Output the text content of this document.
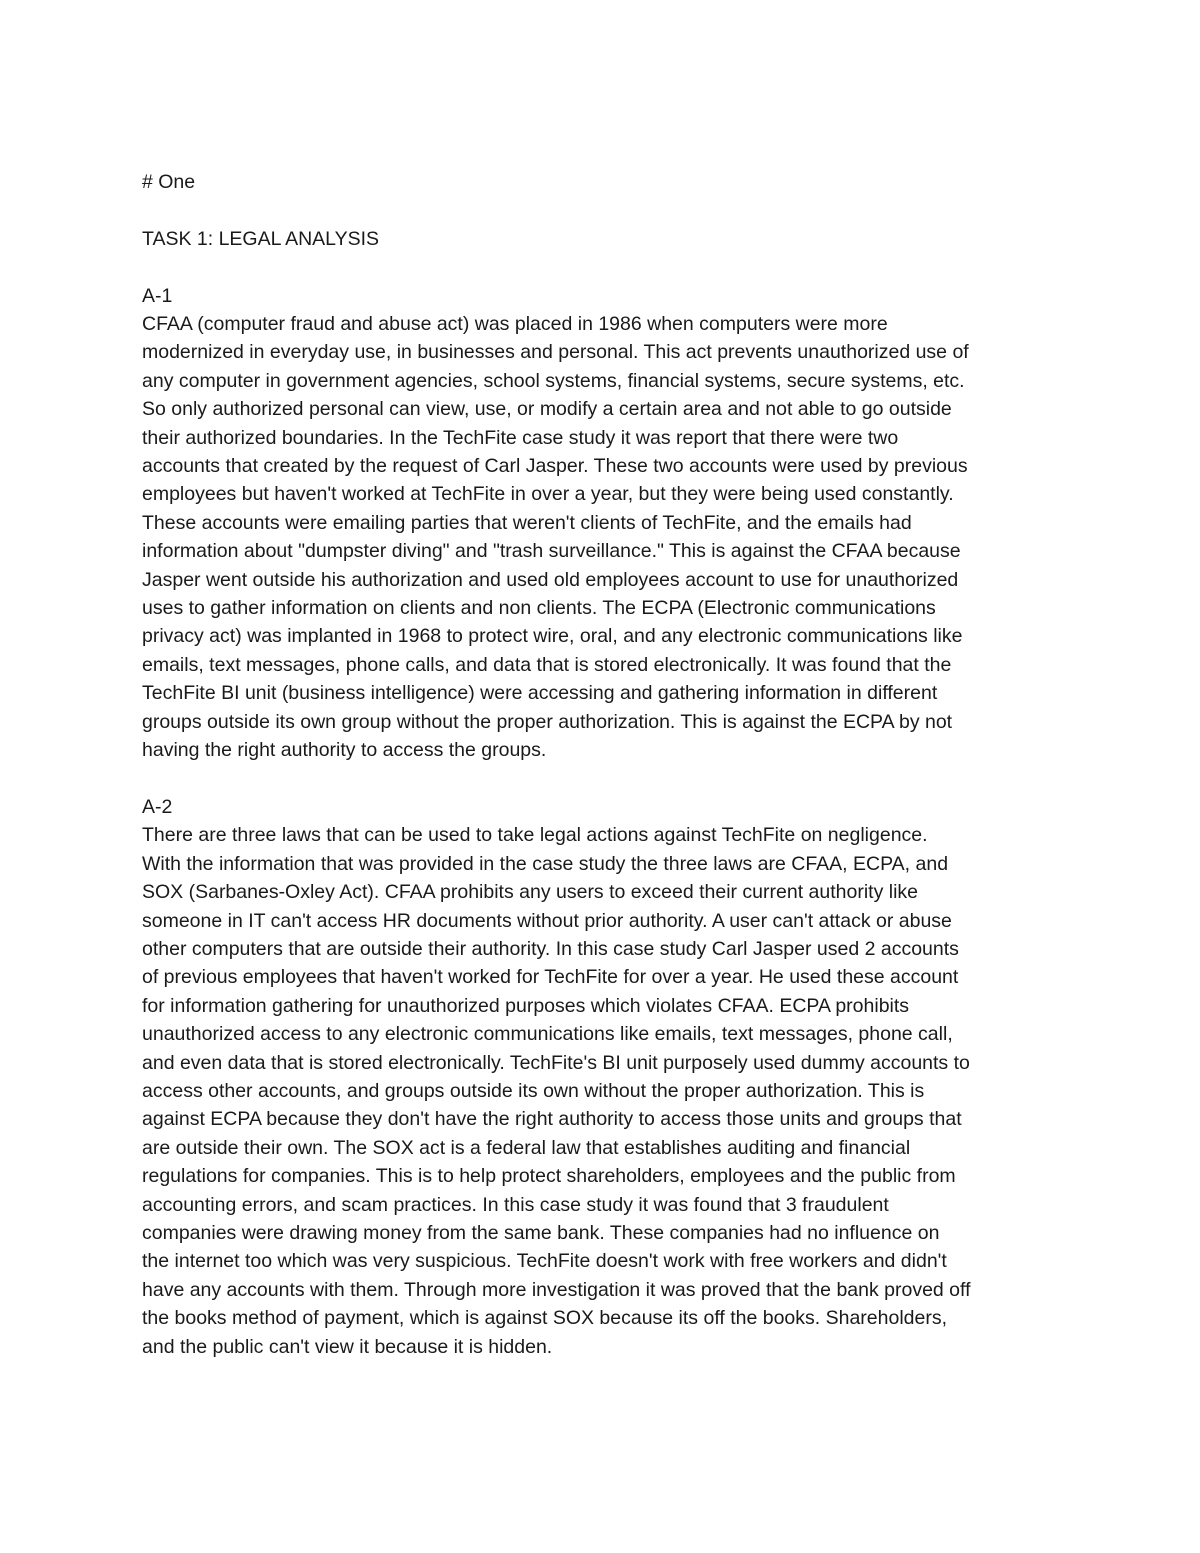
# One
TASK 1: LEGAL ANALYSIS
A-1
CFAA (computer fraud and abuse act) was placed in 1986 when computers were more
modernized in everyday use, in businesses and personal. This act prevents unauthorized use of
any computer in government agencies, school systems, financial systems, secure systems, etc.
So only authorized personal can view, use, or modify a certain area and not able to go outside
their authorized boundaries. In the TechFite case study it was report that there were two
accounts that created by the request of Carl Jasper. These two accounts were used by previous
employees but haven't worked at TechFite in over a year, but they were being used constantly.
These accounts were emailing parties that weren't clients of TechFite, and the emails had
information about "dumpster diving" and "trash surveillance." This is against the CFAA because
Jasper went outside his authorization and used old employees account to use for unauthorized
uses to gather information on clients and non clients. The ECPA (Electronic communications
privacy act) was implanted in 1968 to protect wire, oral, and any electronic communications like
emails, text messages, phone calls, and data that is stored electronically. It was found that the
TechFite BI unit (business intelligence) were accessing and gathering information in different
groups outside its own group without the proper authorization. This is against the ECPA by not
having the right authority to access the groups.
A-2
There are three laws that can be used to take legal actions against TechFite on negligence.
With the information that was provided in the case study the three laws are CFAA, ECPA, and
SOX (Sarbanes-Oxley Act). CFAA prohibits any users to exceed their current authority like
someone in IT can't access HR documents without prior authority. A user can't attack or abuse
other computers that are outside their authority. In this case study Carl Jasper used 2 accounts
of previous employees that haven't worked for TechFite for over a year. He used these account
for information gathering for unauthorized purposes which violates CFAA. ECPA prohibits
unauthorized access to any electronic communications like emails, text messages, phone call,
and even data that is stored electronically. TechFite's BI unit purposely used dummy accounts to
access other accounts, and groups outside its own without the proper authorization. This is
against ECPA because they don't have the right authority to access those units and groups that
are outside their own. The SOX act is a federal law that establishes auditing and financial
regulations for companies. This is to help protect shareholders, employees and the public from
accounting errors, and scam practices. In this case study it was found that 3 fraudulent
companies were drawing money from the same bank. These companies had no influence on
the internet too which was very suspicious. TechFite doesn't work with free workers and didn't
have any accounts with them. Through more investigation it was proved that the bank proved off
the books method of payment, which is against SOX because its off the books. Shareholders,
and the public can't view it because it is hidden.
